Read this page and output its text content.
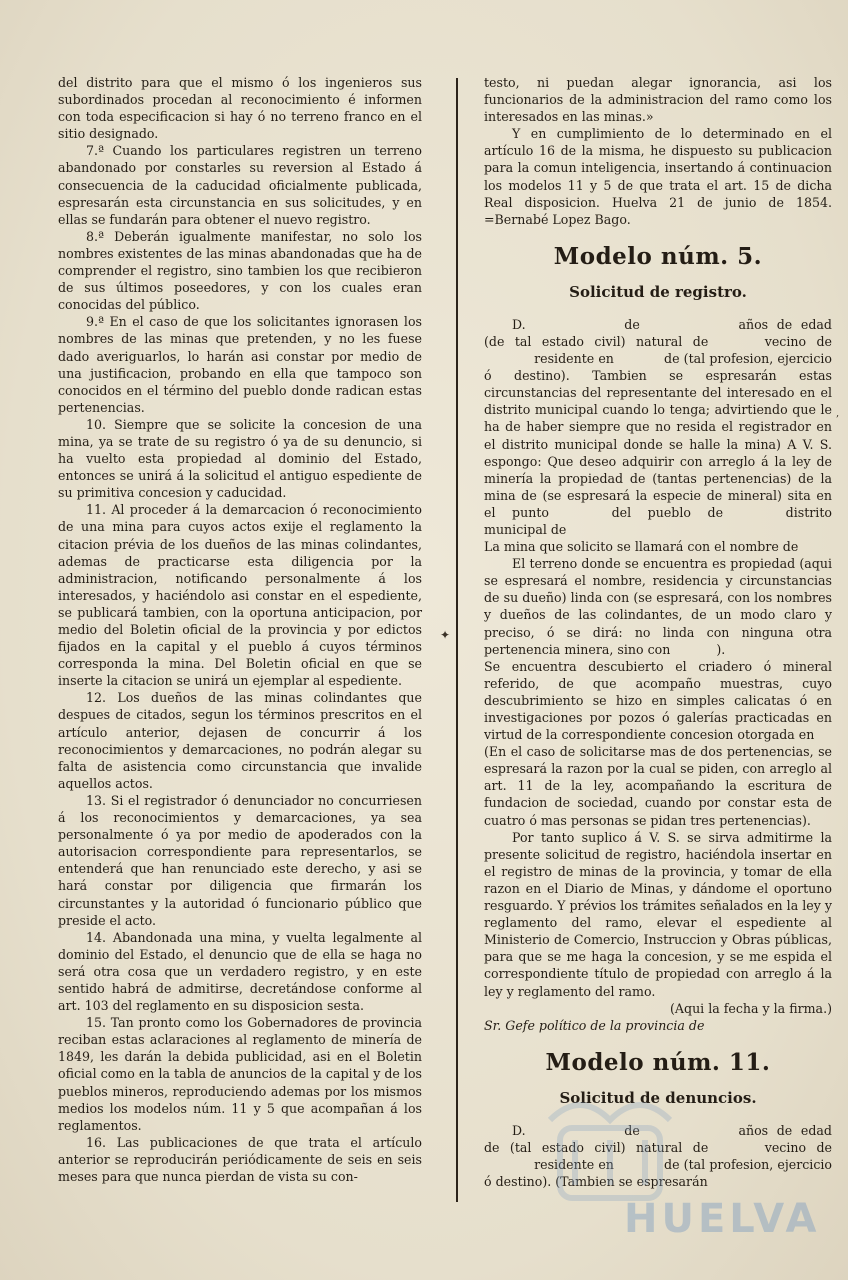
del distrito para que el mismo ó los ingenieros sus subordinados procedan al reconocimiento é informen con toda especificacion si hay ó no terreno franco en el sitio designado.

7.ª Cuando los particulares registren un terreno abandonado por constarles su reversion al Estado á consecuencia de la caducidad oficialmente publicada, espresarán esta circunstancia en sus solicitudes, y en ellas se fundarán para obtener el nuevo registro.

8.ª Deberán igualmente manifestar, no solo los nombres existentes de las minas abandonadas que ha de comprender el registro, sino tambien los que recibieron de sus últimos poseedores, y con los cuales eran conocidas del público.

9.ª En el caso de que los solicitantes ignorasen los nombres de las minas que pretenden, y no les fuese dado averiguarlos, lo harán asi constar por medio de una justificacion, probando en ella que tampoco son conocidos en el término del pueblo donde radican estas pertenencias.

10. Siempre que se solicite la concesion de una mina, ya se trate de su registro ó ya de su denuncio, si ha vuelto esta propiedad al dominio del Estado, entonces se unirá á la solicitud el antiguo espediente de su primitiva concesion y caducidad.

11. Al proceder á la demarcacion ó reconocimiento de una mina para cuyos actos exije el reglamento la citacion prévia de los dueños de las minas colindantes, ademas de practicarse esta diligencia por la administracion, notificando personalmente á los interesados, y haciéndolo asi constar en el espediente, se publicará tambien, con la oportuna anticipacion, por medio del Boletin oficial de la provincia y por edictos fijados en la capital y el pueblo á cuyos términos corresponda la mina. Del Boletin oficial en que se inserte la citacion se unirá un ejemplar al espediente.

12. Los dueños de las minas colindantes que despues de citados, segun los términos prescritos en el artículo anterior, dejasen de concurrir á los reconocimientos y demarcaciones, no podrán alegar su falta de asistencia como circunstancia que invalide aquellos actos.

13. Si el registrador ó denunciador no concurriesen á los reconocimientos y demarcaciones, ya sea personalmente ó ya por medio de apoderados con la autorisacion correspondiente para representarlos, se entenderá que han renunciado este derecho, y asi se hará constar por diligencia que firmarán los circunstantes y la autoridad ó funcionario público que preside el acto.

14. Abandonada una mina, y vuelta legalmente al dominio del Estado, el denuncio que de ella se haga no será otra cosa que un verdadero registro, y en este sentido habrá de admitirse, decretándose conforme al art. 103 del reglamento en su disposicion sesta.

15. Tan pronto como los Gobernadores de provincia reciban estas aclaraciones al reglamento de minería de 1849, les darán la debida publicidad, asi en el Boletin oficial como en la tabla de anuncios de la capital y de los pueblos mineros, reproduciendo ademas por los mismos medios los modelos núm. 11 y 5 que acompañan á los reglamentos.

16. Las publicaciones de que trata el artículo anterior se reproducirán periódicamente de seis en seis meses para que nunca pierdan de vista su con-

✦
,

testo, ni puedan alegar ignorancia, asi los funcionarios de la administracion del ramo como los interesados en las minas.»

Y en cumplimiento de lo determinado en el artículo 16 de la misma, he dispuesto su publicacion para la comun inteligencia, insertando á continuacion los modelos 11 y 5 de que trata el art. 15 de dicha Real disposicion. Huelva 21 de junio de 1854. =Bernabé Lopez Bago.

Modelo núm. 5.
Solicitud de registro.

D.	de	años de edad (de tal estado civil) natural de	vecino de residente en	de (tal profesion, ejercicio ó destino). Tambien se espresarán estas circunstancias del representante del interesado en el distrito municipal cuando lo tenga; advirtiendo que le ha de haber siempre que no resida el registrador en el distrito municipal donde se halle la mina) A V. S. espongo: Que deseo adquirir con arreglo á la ley de minería la propiedad de (tantas pertenencias) de la mina de (se espresará la especie de mineral) sita en el punto	del pueblo de	distrito municipal de

La mina que solicito se llamará con el nombre de

El terreno donde se encuentra es propiedad (aqui se espresará el nombre, residencia y circunstancias de su dueño) linda con (se espresará, con los nombres y dueños de las colindantes, de un modo claro y preciso, ó se dirá: no linda con ninguna otra pertenencia minera, sino con	).

Se encuentra descubierto el criadero ó mineral referido, de que acompaño muestras, cuyo descubrimiento se hizo en simples calicatas ó en investigaciones por pozos ó galerías practicadas en virtud de la correspondiente concesion otorgada en

(En el caso de solicitarse mas de dos pertenencias, se espresará la razon por la cual se piden, con arreglo al art. 11 de la ley, acompañando la escritura de fundacion de sociedad, cuando por constar esta de cuatro ó mas personas se pidan tres pertenencias).

Por tanto suplico á V. S. se sirva admitirme la presente solicitud de registro, haciéndola insertar en el registro de minas de la provincia, y tomar de ella razon en el Diario de Minas, y dándome el oportuno resguardo. Y prévios los trámites señalados en la ley y reglamento del ramo, elevar el espediente al Ministerio de Comercio, Instruccion y Obras públicas, para que se me haga la concesion, y se me espida el correspondiente título de propiedad con arreglo á la ley y reglamento del ramo.

(Aqui la fecha y la firma.)

Sr. Gefe político de la provincia de

Modelo núm. 11.
Solicitud de denuncios.

D.	de	años de edad de (tal estado civil) natural de	vecino de residente en	de (tal profesion, ejercicio ó destino). (Tambien se espresarán

HUELVA
